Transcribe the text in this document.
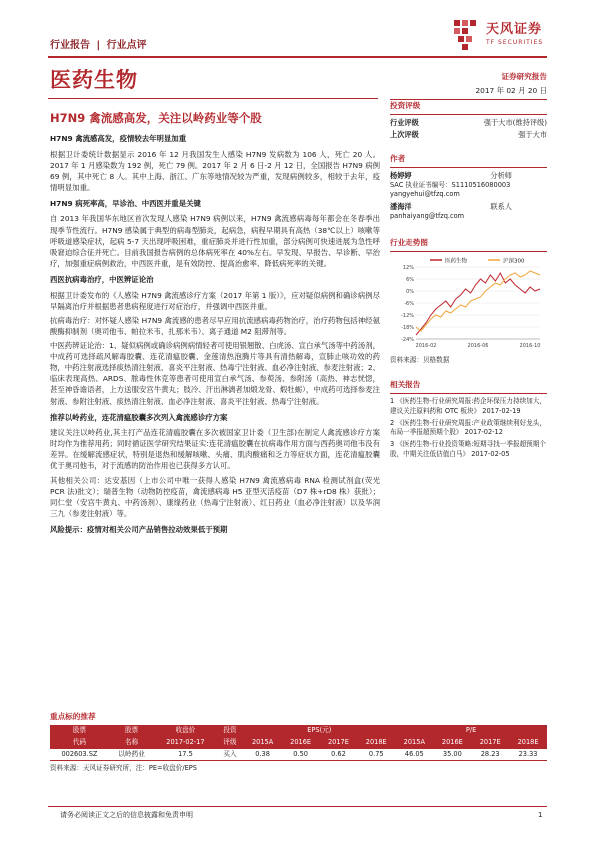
行业报告 | 行业点评
天风证券
TF SECURITIES
医药生物
H7N9 禽流感高发，关注以岭药业等个股
证券研究报告
2017 年 02 月 20 日
投资评级
行业评级	强于大市(维持评级)
上次评级	强于大市
作者
杨婷婷	分析师
SAC 执业证书编号：S1110516080003
yangyehui@tfzq.com
潘海洋	联系人
panhaiyang@tfzq.com
行业走势图
医药生物	沪深300
12%
6%
0%
-6%
-12%
-18%
-24%
2016-02	2016-06	2016-10
资料来源：贝格数据
相关报告
1 《医药生物-行业研究周报:药企环保压力持续加大，建议关注原料药和 OTC 板块》 2017-02-19
2 《医药生物-行业研究周报:产业政策继续利好龙头，布局一季报超预期个股》 2017-02-12
3 《医药生物-行业投资策略:短期寻找一季报超预期个股，中期关注低估值白马》 2017-02-05
H7N9 禽流感高发，疫情较去年明显加重
根据卫计委统计数据显示 2016 年 12 月我国发生人感染 H7N9 发病数为 106 人，死亡 20 人。2017 年 1 月感染数为 192 例，死亡 79 例。2017 年 2 月 6 日-2 月 12 日，全国报告 H7N9 病例 69 例，其中死亡 8 人。其中上海、浙江、广东等地情况较为严重，发现病例较多，相较于去年，疫情明显加重。
H7N9 病死率高，早诊治、中西医并重是关键
自 2013 年我国华东地区首次发现人感染 H7N9 病例以来，H7N9 禽流感病毒每年都会在冬春季出现季节性流行。H7N9 感染属于典型的病毒型肺炎，起病急，病程早期具有高热（38℃以上）咳嗽等呼吸道感染症状，起病 5-7 天出现呼吸困难，重症肺炎并进行性加重，部分病例可快速进展为急性呼吸窘迫综合征并死亡。目前我国报告病例的总体病死率在 40%左右。早发现、早报告、早诊断、早治疗，加强重症病例救治，中西医并重，是有效防控、提高治愈率、降低病死率的关键。
西医抗病毒治疗，中医辨证论治
根据卫计委发布的《人感染 H7N9 禽流感诊疗方案（2017 年第 1 版）》，应对疑似病例和确诊病例尽早隔离治疗并根据患者患病程度进行对症治疗，并强调中西医并重。
抗病毒治疗：对怀疑人感染 H7N9 禽流感的患者尽早应用抗流感病毒药物治疗，治疗药物包括神经氨酸酶抑制剂（奥司他韦、帕拉米韦、扎那米韦）、离子通道 M2 阻滞剂等。
中医药辨证论治：1、疑似病例或确诊病例病情轻者可使用银翘散、白虎汤、宣白承气汤等中药汤剂，中成药可选择疏风解毒胶囊、连花清瘟胶囊、金莲清热泡腾片等具有清热解毒，宣肺止咳功效的药物，中药注射液选择痰热清注射液、喜炎平注射液、热毒宁注射液、血必净注射液、参麦注射液；2、临床表现高热、ARDS、脓毒性休克等患者可使用宣白承气汤、参萸汤、参附汤（高热、神志恍惚，甚至神昏谵语者，上方送服安宫牛黄丸；肢冷、汗出淋漓者加煅龙骨、煅牡蛎），中成药可选择参麦注射液、参附注射液、痰热清注射液、血必净注射液、喜炎平注射液、热毒宁注射液。
推荐以岭药业，连花清瘟胶囊多次列入禽流感诊疗方案
建议关注以岭药业,其主打产品连花清瘟胶囊在多次被国家卫计委（卫生部)在制定人禽流感诊疗方案时均作为推荐用药；同时循证医学研究结果证实:连花清瘟胶囊在抗病毒作用方面与西药奥司他韦没有差异。在缓解流感症状，特别是退热和缓解咳嗽、头痛、肌肉酸痛和乏力等症状方面，连花清瘟胶囊优于奥司他韦，对于流感的防治作用也已获得多方认可。
其他相关公司：达安基因（上市公司中唯一获得人感染 H7N9 禽流感病毒 RNA 检测试剂盒(荧光 PCR 法)批文）；瑞普生物（动物防控疫苗，禽流感病毒 H5 亚型灭活疫苗（D7 株+rD8 株）获批）；同仁堂（安宫牛黄丸、中药汤剂）、康缘药业（热毒宁注射液）、红日药业（血必净注射液）以及华润三九（参麦注射液）等。
风险提示：疫情对相关公司产品销售拉动效果低于预期
重点标的推荐
股票	股票	收盘价	投资	EPS(元)				P/E			
代码	名称	2017-02-17	评级	2015A	2016E	2017E	2018E	2015A	2016E	2017E	2018E
002603.SZ	以岭药业	17.5	买入	0.38	0.50	0.62	0.75	46.05	35.00	28.23	23.33
资料来源：天风证券研究所，注：PE=收盘价/EPS
请务必阅读正文之后的信息披露和免责申明	1
